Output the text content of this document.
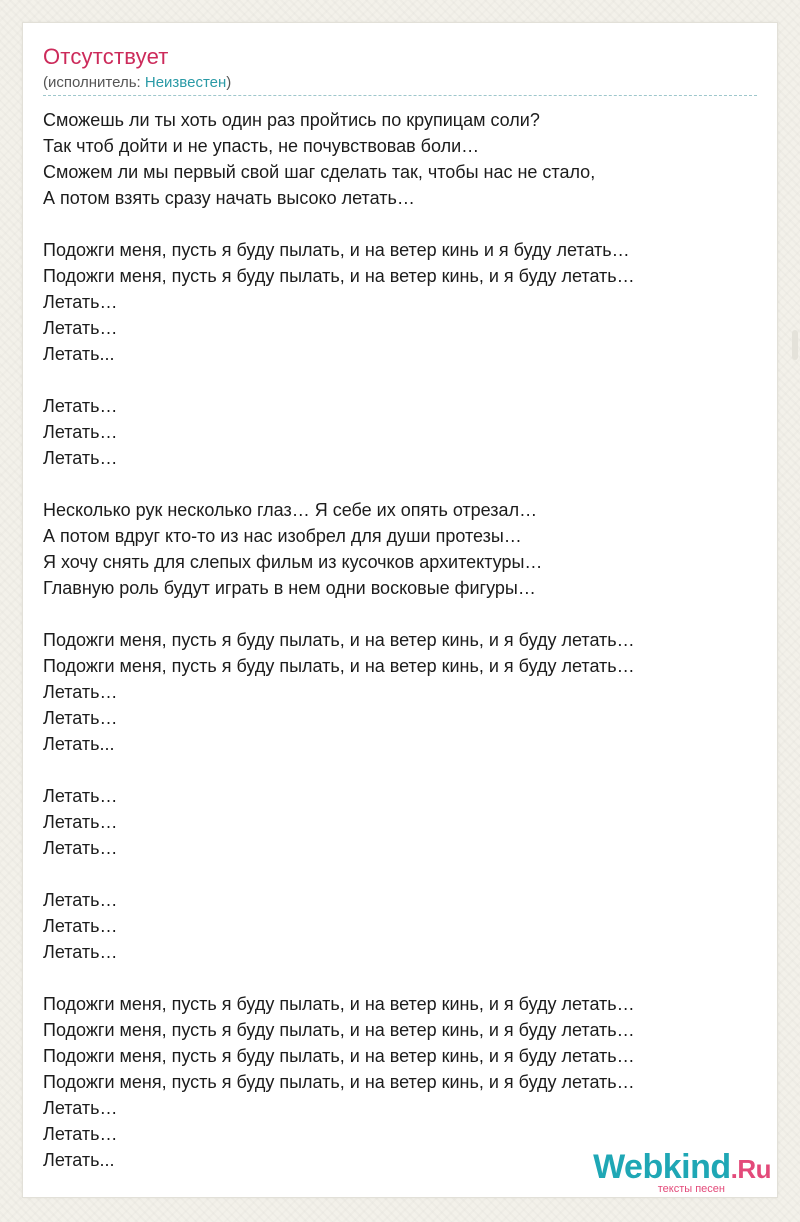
Отсутствует
(исполнитель: Неизвестен)
Сможешь ли ты хоть один раз пройтись по крупицам соли?
Так чтоб дойти и не упасть, не почувствовав боли…
Сможем ли мы первый свой шаг сделать так, чтобы нас не стало,
А потом взять сразу начать высоко летать…
Подожги меня, пусть я буду пылать, и на ветер кинь и я буду летать…
Подожги меня, пусть я буду пылать, и на ветер кинь, и я буду летать…
Летать…
Летать…
Летать...
Летать…
Летать…
Летать…
Несколько рук несколько глаз… Я себе их опять отрезал…
А потом вдруг кто-то из нас изобрел для души протезы…
Я хочу снять для слепых фильм из кусочков архитектуры…
Главную роль будут играть в нем одни восковые фигуры…
Подожги меня, пусть я буду пылать, и на ветер кинь, и я буду летать…
Подожги меня, пусть я буду пылать, и на ветер кинь, и я буду летать…
Летать…
Летать…
Летать...
Летать…
Летать…
Летать…
Летать…
Летать…
Летать…
Подожги меня, пусть я буду пылать, и на ветер кинь, и я буду летать…
Подожги меня, пусть я буду пылать, и на ветер кинь, и я буду летать…
Подожги меня, пусть я буду пылать, и на ветер кинь, и я буду летать…
Подожги меня, пусть я буду пылать, и на ветер кинь, и я буду летать…
Летать…
Летать…
Летать...	Webkind.Ru
тексты песен
